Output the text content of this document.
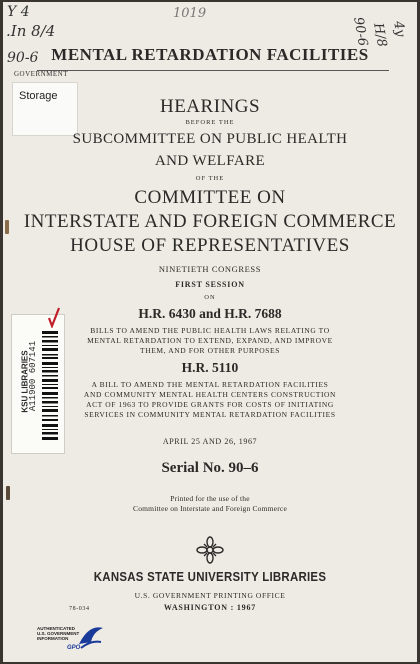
Y 4
.In 8/4
90-6
1019
90-6 H/8 4y
MENTAL RETARDATION FACILITIES
GOVERNMENT
Storage	HEARINGS
BEFORE THE
SUBCOMMITTEE ON PUBLIC HEALTH
AND WELFARE
OF THE
COMMITTEE ON
INTERSTATE AND FOREIGN COMMERCE
HOUSE OF REPRESENTATIVES
NINETIETH CONGRESS
FIRST SESSION
ON
H.R. 6430 and H.R. 7688
BILLS TO AMEND THE PUBLIC HEALTH LAWS RELATING TO
MENTAL RETARDATION TO EXTEND, EXPAND, AND IMPROVE
THEM, AND FOR OTHER PURPOSES
H.R. 5110
A BILL TO AMEND THE MENTAL RETARDATION FACILITIES
AND COMMUNITY MENTAL HEALTH CENTERS CONSTRUCTION
ACT OF 1963 TO PROVIDE GRANTS FOR COSTS OF INITIATING
SERVICES IN COMMUNITY MENTAL RETARDATION FACILITIES
APRIL 25 AND 26, 1967
Serial No. 90–6
Printed for the use of the
Committee on Interstate and Foreign Commerce
KANSAS STATE UNIVERSITY LIBRARIES
U.S. GOVERNMENT PRINTING OFFICE
78-034	WASHINGTON : 1967
KSU LIBRARIES
A11900 607141
AUTHENTICATED
U.S. GOVERNMENT
INFORMATION
GPO
